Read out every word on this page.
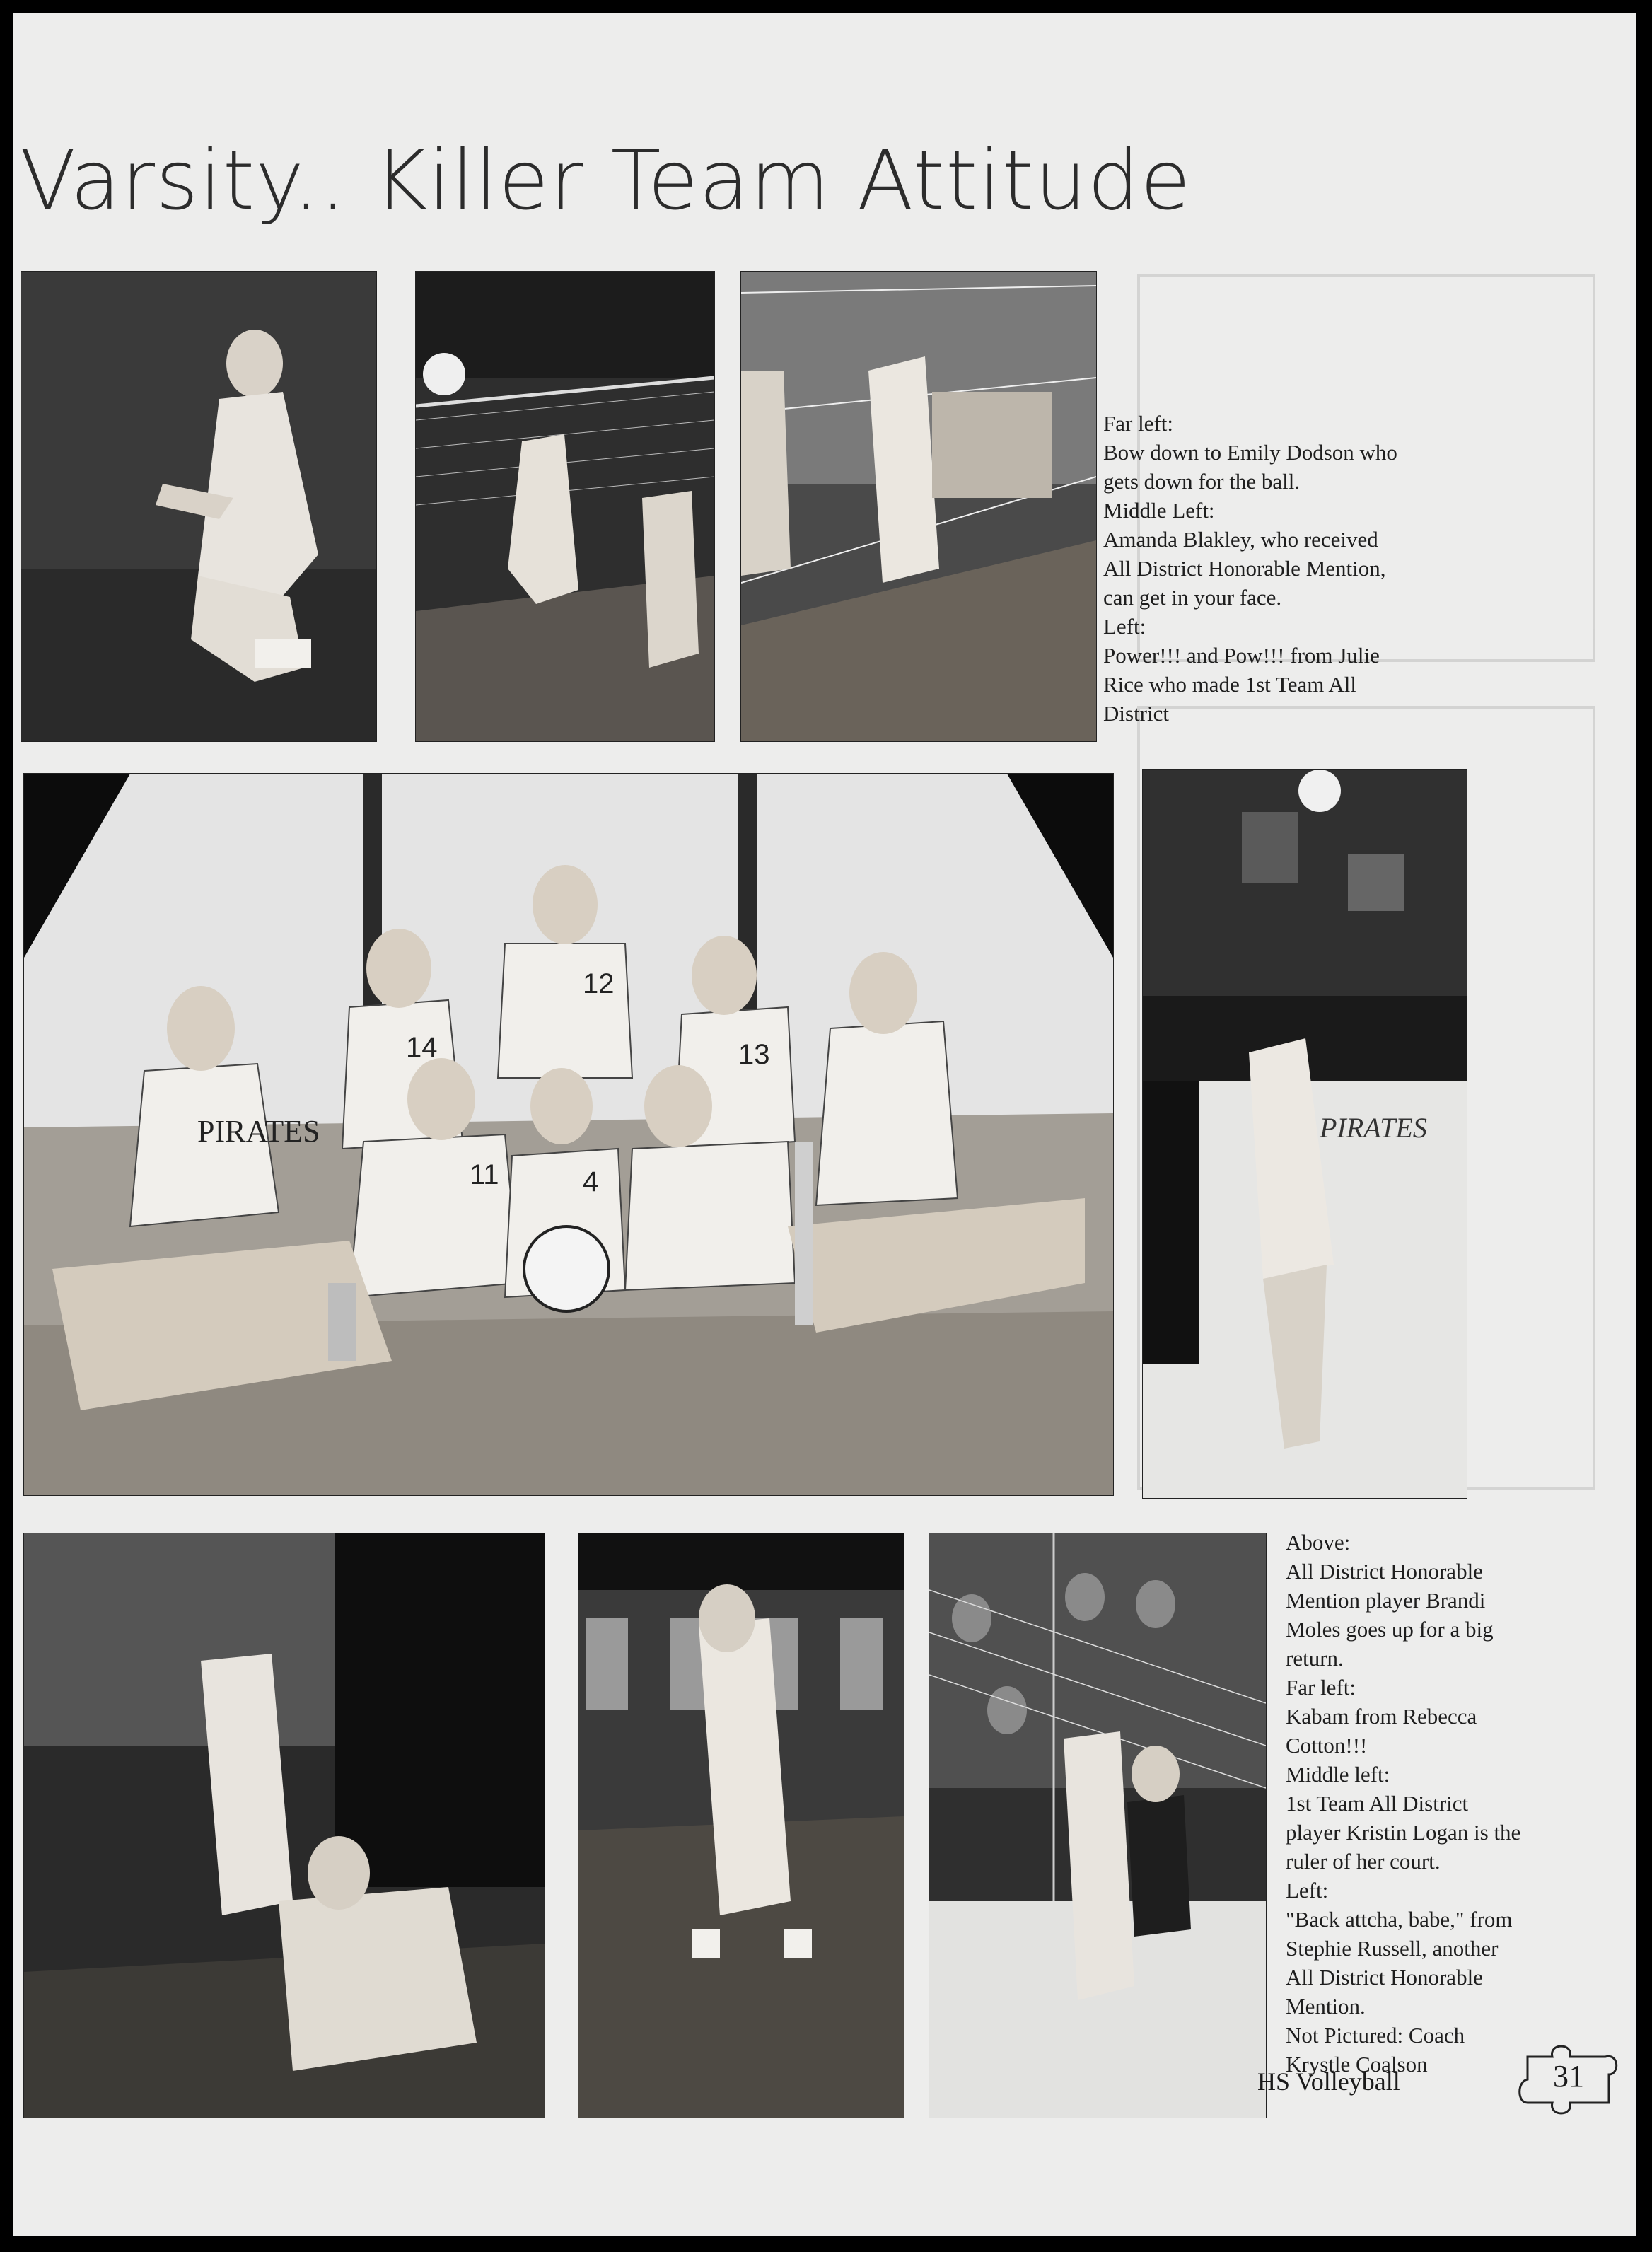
Varsity.. Killer Team Attitude
Far left:
Bow down to Emily Dodson who
gets down for the ball.
Middle Left:
Amanda Blakley, who received
All District Honorable Mention,
can get in your face.
Left:
Power!!! and Pow!!! from Julie
Rice who made 1st Team All
District
PIRATES
14
12
13
11	4
PIRATES
Above:
All District Honorable
Mention player Brandi
Moles goes up for a big
return.
Far left:
Kabam from Rebecca
Cotton!!!
Middle left:
1st Team All District
player Kristin Logan is the
ruler of her court.
Left:
"Back attcha, babe," from
Stephie Russell, another
All District Honorable
Mention.
Not Pictured: Coach
Krystle Coalson
HS Volleyball	31
